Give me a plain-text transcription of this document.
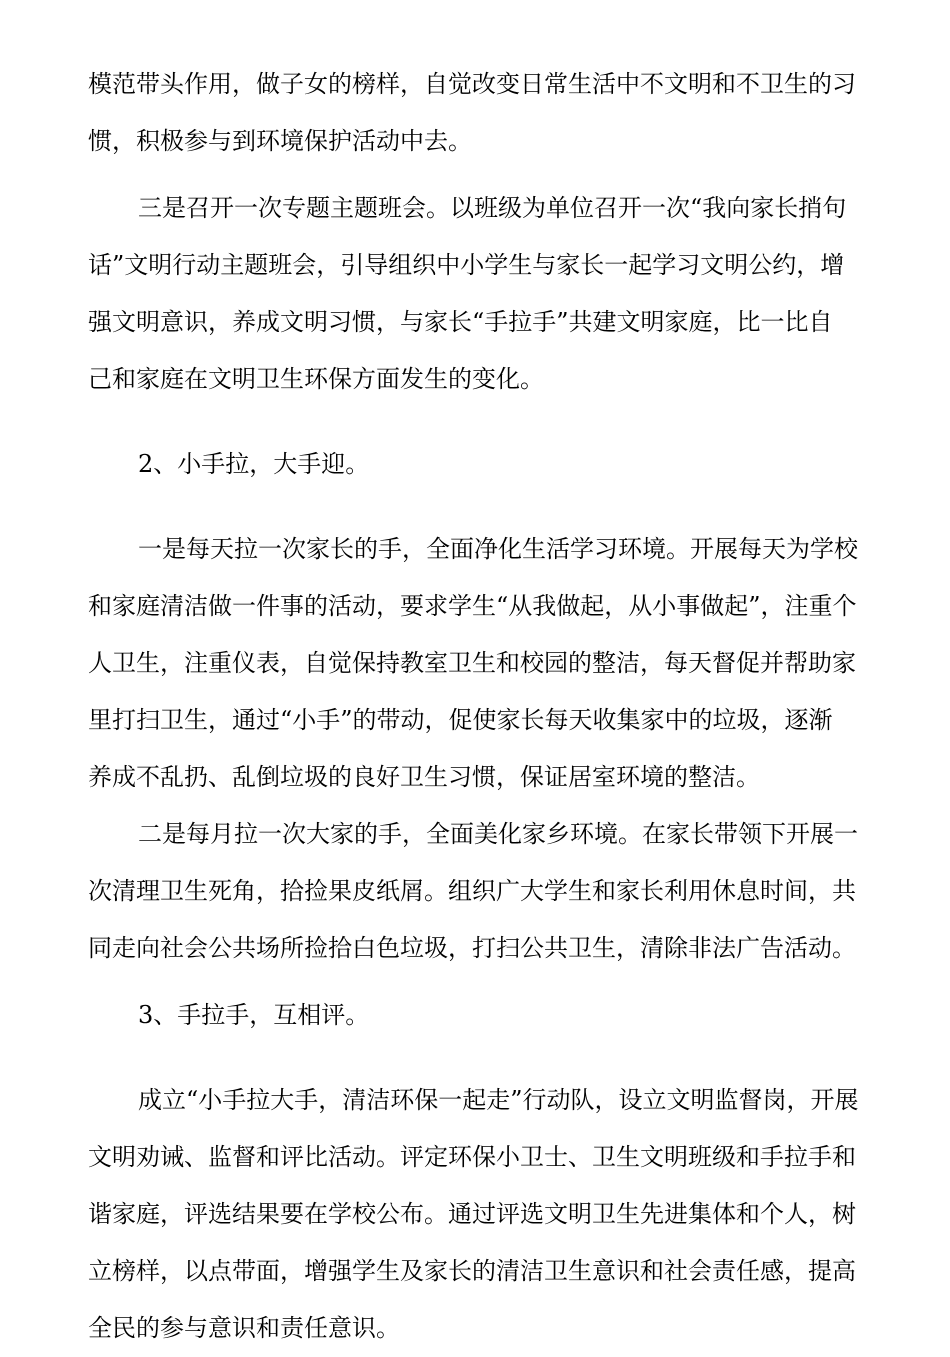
模范带头作用，做子女的榜样，自觉改变日常生活中不文明和不卫生的习
惯，积极参与到环境保护活动中去。
三是召开一次专题主题班会。以班级为单位召开一次“我向家长捎句
话”文明行动主题班会，引导组织中小学生与家长一起学习文明公约，增
强文明意识，养成文明习惯，与家长“手拉手”共建文明家庭，比一比自
己和家庭在文明卫生环保方面发生的变化。
2、小手拉，大手迎。
一是每天拉一次家长的手，全面净化生活学习环境。开展每天为学校
和家庭清洁做一件事的活动，要求学生“从我做起，从小事做起”，注重个
人卫生，注重仪表，自觉保持教室卫生和校园的整洁，每天督促并帮助家
里打扫卫生，通过“小手”的带动，促使家长每天收集家中的垃圾，逐渐
养成不乱扔、乱倒垃圾的良好卫生习惯，保证居室环境的整洁。
二是每月拉一次大家的手，全面美化家乡环境。在家长带领下开展一
次清理卫生死角，拾捡果皮纸屑。组织广大学生和家长利用休息时间，共
同走向社会公共场所捡拾白色垃圾，打扫公共卫生，清除非法广告活动。
3、手拉手，互相评。
成立“小手拉大手，清洁环保一起走”行动队，设立文明监督岗，开展
文明劝诫、监督和评比活动。评定环保小卫士、卫生文明班级和手拉手和
谐家庭，评选结果要在学校公布。通过评选文明卫生先进集体和个人，树
立榜样，以点带面，增强学生及家长的清洁卫生意识和社会责任感，提高
全民的参与意识和责任意识。
